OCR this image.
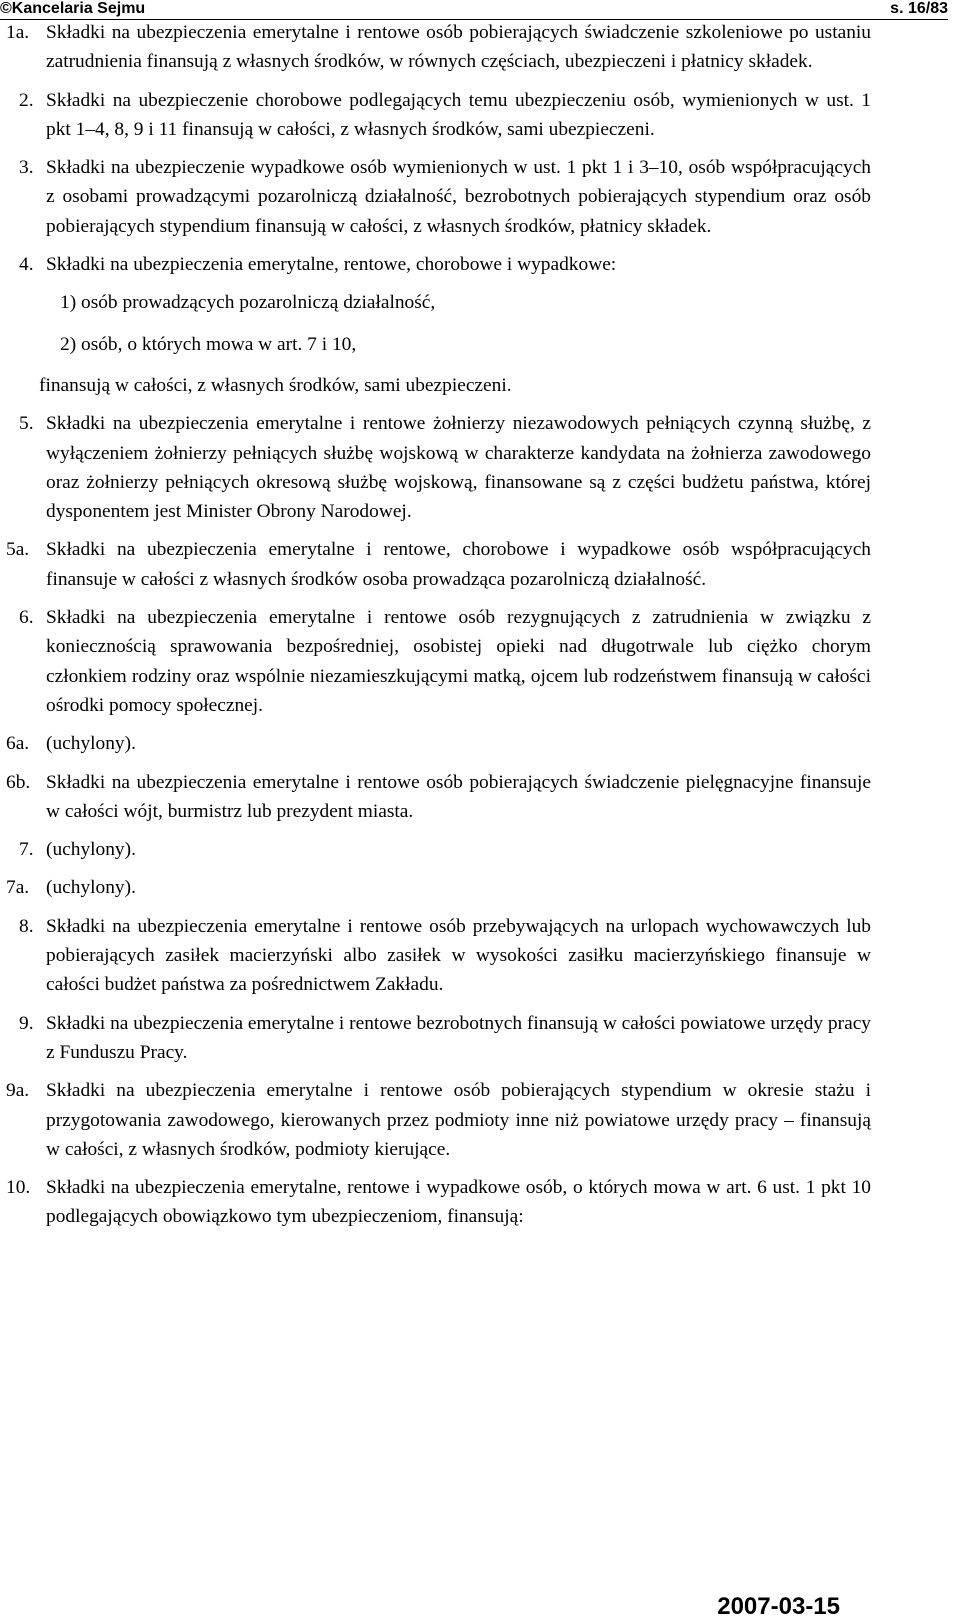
©Kancelaria Sejmu	s. 16/83
1a. Składki na ubezpieczenia emerytalne i rentowe osób pobierających świadczenie szkoleniowe po ustaniu zatrudnienia finansują z własnych środków, w równych częściach, ubezpieczeni i płatnicy składek.
2. Składki na ubezpieczenie chorobowe podlegających temu ubezpieczeniu osób, wymienionych w ust. 1 pkt 1–4, 8, 9 i 11 finansują w całości, z własnych środków, sami ubezpieczeni.
3. Składki na ubezpieczenie wypadkowe osób wymienionych w ust. 1 pkt 1 i 3–10, osób współpracujących z osobami prowadzącymi pozarolniczą działalność, bezrobotnych pobierających stypendium oraz osób pobierających stypendium finansują w całości, z własnych środków, płatnicy składek.
4. Składki na ubezpieczenia emerytalne, rentowe, chorobowe i wypadkowe:
1) osób prowadzących pozarolniczą działalność,
2) osób, o których mowa w art. 7 i 10,
finansują w całości, z własnych środków, sami ubezpieczeni.
5. Składki na ubezpieczenia emerytalne i rentowe żołnierzy niezawodowych pełniących czynną służbę, z wyłączeniem żołnierzy pełniących służbę wojskową w charakterze kandydata na żołnierza zawodowego oraz żołnierzy pełniących okresową służbę wojskową, finansowane są z części budżetu państwa, której dysponentem jest Minister Obrony Narodowej.
5a. Składki na ubezpieczenia emerytalne i rentowe, chorobowe i wypadkowe osób współpracujących finansuje w całości z własnych środków osoba prowadząca pozarolniczą działalność.
6. Składki na ubezpieczenia emerytalne i rentowe osób rezygnujących z zatrudnienia w związku z koniecznością sprawowania bezpośredniej, osobistej opieki nad długotrwale lub ciężko chorym członkiem rodziny oraz wspólnie niezamieszkującymi matką, ojcem lub rodzeństwem finansują w całości ośrodki pomocy społecznej.
6a. (uchylony).
6b. Składki na ubezpieczenia emerytalne i rentowe osób pobierających świadczenie pielęgnacyjne finansuje w całości wójt, burmistrz lub prezydent miasta.
7. (uchylony).
7a. (uchylony).
8. Składki na ubezpieczenia emerytalne i rentowe osób przebywających na urlopach wychowawczych lub pobierających zasiłek macierzyński albo zasiłek w wysokości zasiłku macierzyńskiego finansuje w całości budżet państwa za pośrednictwem Zakładu.
9. Składki na ubezpieczenia emerytalne i rentowe bezrobotnych finansują w całości powiatowe urzędy pracy z Funduszu Pracy.
9a. Składki na ubezpieczenia emerytalne i rentowe osób pobierających stypendium w okresie stażu i przygotowania zawodowego, kierowanych przez podmioty inne niż powiatowe urzędy pracy – finansują w całości, z własnych środków, podmioty kierujące.
10. Składki na ubezpieczenia emerytalne, rentowe i wypadkowe osób, o których mowa w art. 6 ust. 1 pkt 10 podlegających obowiązkowo tym ubezpieczeniom, finansują:
2007-03-15
